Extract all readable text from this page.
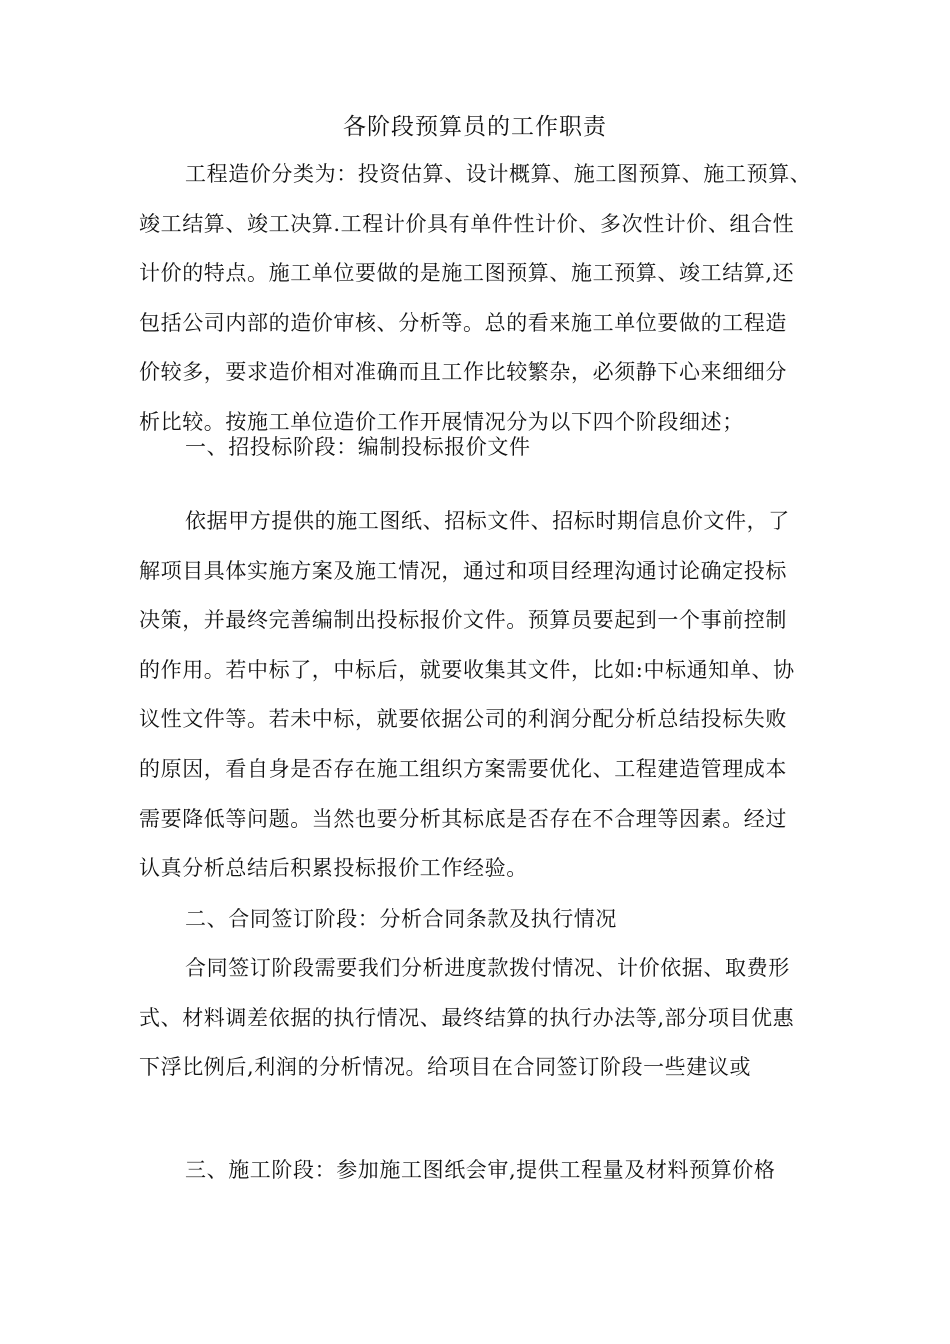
各阶段预算员的工作职责
工程造价分类为：投资估算、设计概算、施工图预算、施工预算、
竣工结算、竣工决算.工程计价具有单件性计价、多次性计价、组合性
计价的特点。施工单位要做的是施工图预算、施工预算、竣工结算,还
包括公司内部的造价审核、分析等。总的看来施工单位要做的工程造
价较多，要求造价相对准确而且工作比较繁杂，必须静下心来细细分
析比较。按施工单位造价工作开展情况分为以下四个阶段细述；
一、招投标阶段：编制投标报价文件
依据甲方提供的施工图纸、招标文件、招标时期信息价文件，了
解项目具体实施方案及施工情况，通过和项目经理沟通讨论确定投标
决策，并最终完善编制出投标报价文件。预算员要起到一个事前控制
的作用。若中标了，中标后，就要收集其文件，比如:中标通知单、协
议性文件等。若未中标，就要依据公司的利润分配分析总结投标失败
的原因，看自身是否存在施工组织方案需要优化、工程建造管理成本
需要降低等问题。当然也要分析其标底是否存在不合理等因素。经过
认真分析总结后积累投标报价工作经验。
二、合同签订阶段：分析合同条款及执行情况
合同签订阶段需要我们分析进度款拨付情况、计价依据、取费形
式、材料调差依据的执行情况、最终结算的执行办法等,部分项目优惠
下浮比例后,利润的分析情况。给项目在合同签订阶段一些建议或
三、施工阶段：参加施工图纸会审,提供工程量及材料预算价格
